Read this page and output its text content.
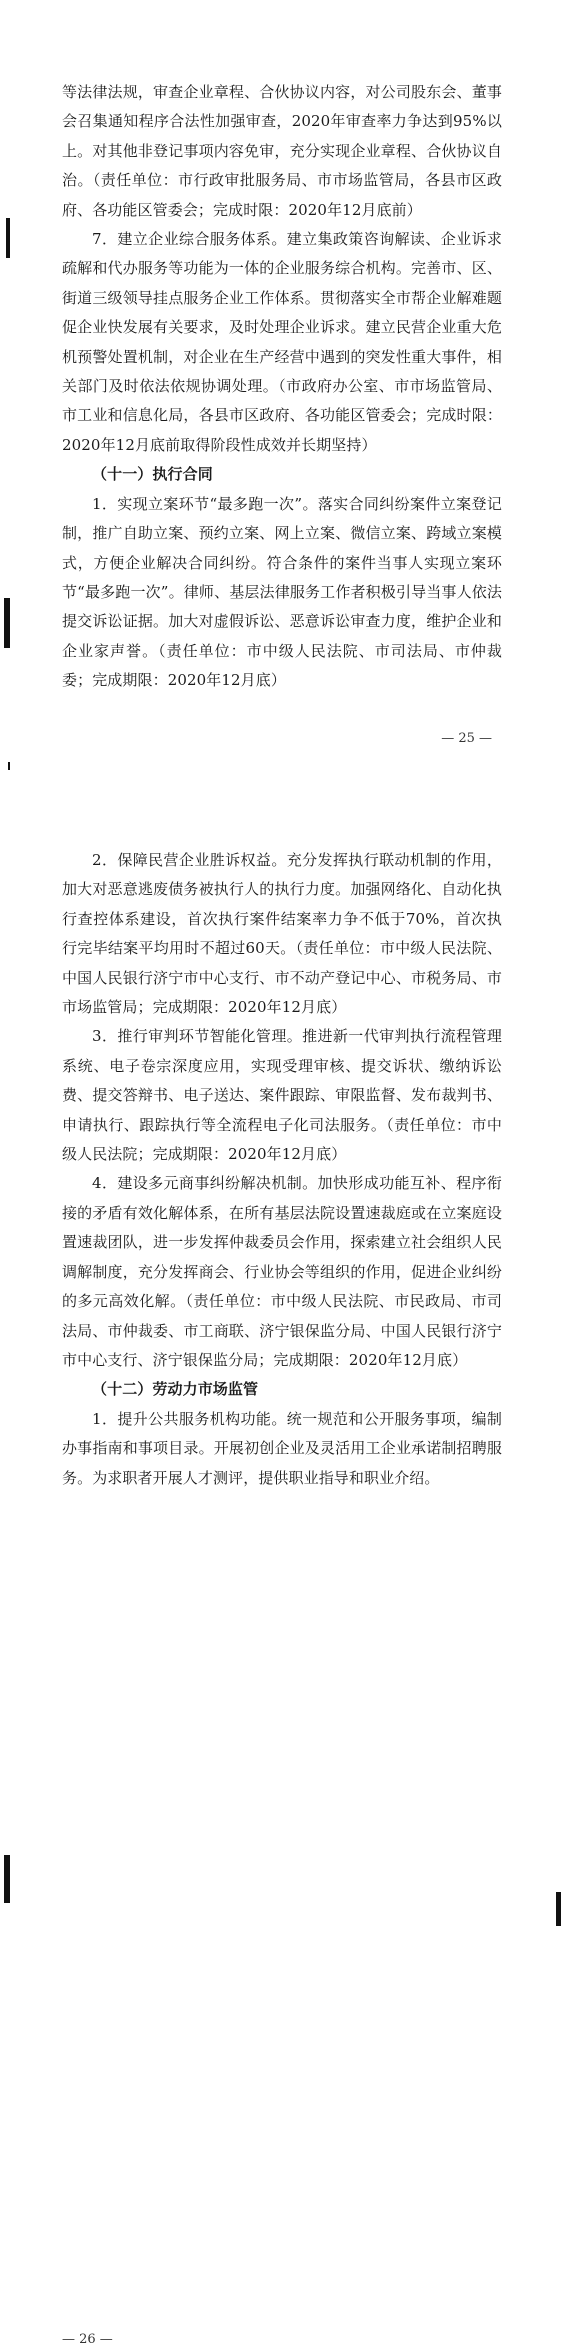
等法律法规，审查企业章程、合伙协议内容，对公司股东会、董事会召集通知程序合法性加强审查，2020年审查率力争达到95%以上。对其他非登记事项内容免审，充分实现企业章程、合伙协议自治。（责任单位：市行政审批服务局、市市场监管局，各县市区政府、各功能区管委会；完成时限：2020年12月底前）

7．建立企业综合服务体系。建立集政策咨询解读、企业诉求疏解和代办服务等功能为一体的企业服务综合机构。完善市、区、街道三级领导挂点服务企业工作体系。贯彻落实全市帮企业解难题促企业快发展有关要求，及时处理企业诉求。建立民营企业重大危机预警处置机制，对企业在生产经营中遇到的突发性重大事件，相关部门及时依法依规协调处理。（市政府办公室、市市场监管局、市工业和信息化局，各县市区政府、各功能区管委会；完成时限：2020年12月底前取得阶段性成效并长期坚持）

（十一）执行合同

1．实现立案环节“最多跑一次”。落实合同纠纷案件立案登记制，推广自助立案、预约立案、网上立案、微信立案、跨域立案模式，方便企业解决合同纠纷。符合条件的案件当事人实现立案环节“最多跑一次”。律师、基层法律服务工作者积极引导当事人依法提交诉讼证据。加大对虚假诉讼、恶意诉讼审查力度，维护企业和企业家声誉。（责任单位：市中级人民法院、市司法局、市仲裁委；完成期限：2020年12月底）

— 25 —

2．保障民营企业胜诉权益。充分发挥执行联动机制的作用，加大对恶意逃废债务被执行人的执行力度。加强网络化、自动化执行查控体系建设，首次执行案件结案率力争不低于70%，首次执行完毕结案平均用时不超过60天。（责任单位：市中级人民法院、中国人民银行济宁市中心支行、市不动产登记中心、市税务局、市市场监管局；完成期限：2020年12月底）

3．推行审判环节智能化管理。推进新一代审判执行流程管理系统、电子卷宗深度应用，实现受理审核、提交诉状、缴纳诉讼费、提交答辩书、电子送达、案件跟踪、审限监督、发布裁判书、申请执行、跟踪执行等全流程电子化司法服务。（责任单位：市中级人民法院；完成期限：2020年12月底）

4．建设多元商事纠纷解决机制。加快形成功能互补、程序衔接的矛盾有效化解体系，在所有基层法院设置速裁庭或在立案庭设置速裁团队，进一步发挥仲裁委员会作用，探索建立社会组织人民调解制度，充分发挥商会、行业协会等组织的作用，促进企业纠纷的多元高效化解。（责任单位：市中级人民法院、市民政局、市司法局、市仲裁委、市工商联、济宁银保监分局、中国人民银行济宁市中心支行、济宁银保监分局；完成期限：2020年12月底）

（十二）劳动力市场监管

1．提升公共服务机构功能。统一规范和公开服务事项，编制办事指南和事项目录。开展初创企业及灵活用工企业承诺制招聘服务。为求职者开展人才测评，提供职业指导和职业介绍。

— 26 —
